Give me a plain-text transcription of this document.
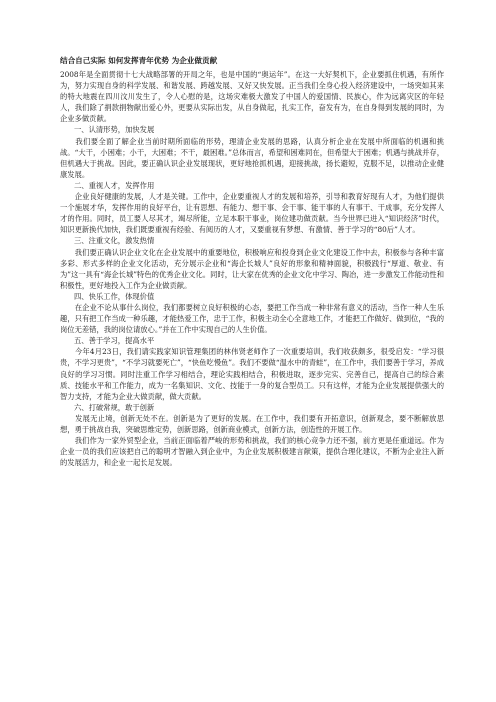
结合自己实际 如何发挥青年优势 为企业做贡献

2008年是全面贯彻十七大战略部署的开局之年，也是中国的“奥运年”。在这一大好契机下，企业要抓住机遇，有所作为，努力实现自身的科学发展、和谐发展、跨越发展、又好又快发展。正当我们全身心投入经济建设中，一场突如其来的特大地震在四川汶川发生了，令人心慰的是，这场灾难极大激发了中国人的爱国情、民族心，作为远离灾区的年轻人，我们除了捐款捐物献出爱心外，更要从实际出发，从自身做起，扎实工作，奋发有为，在自身得到发展的同时，为企业多做贡献。

一、认清形势，加快发展

　　我们要全面了解企业当前时期所面临的形势，理清企业发展的思路，认真分析企业在发展中所面临的机遇和挑战。“大干，小困难；小干，大困难；不干，最困难。”总体而言，希望和困难同在，但希望大于困难；机遇与挑战并存，但机遇大于挑战。因此，要正确认识企业发展现状，更好地抢抓机遇，迎接挑战，扬长避短，克服不足，以推动企业健康发展。

二、重视人才，发挥作用

　　企业良好健康的发展，人才是关键。工作中，企业要重视人才的发展和培养，引导和教育好现有人才，为他们提供一个施展才华，发挥作用的良好平台，让有思想、有能力、想干事、会干事、能干事的人有事干、干成事，充分发挥人才的作用。同时，员工要人尽其才，竭尽所能，立足本职干事业，岗位建功做贡献。当今世界已进入“知识经济”时代，知识更新换代加快，我们既要重视有经验、有阅历的人才，又要重视有梦想、有激情、善于学习的“80后”人才。

三、注重文化，激发热情

　　我们要正确认识企业文化在企业发展中的重要地位，积极响应和投身到企业文化建设工作中去，积极参与各种丰富多彩、形式多样的企业文化活动，充分展示企业和“海企长城人”良好的形象和精神面貌，积极践行“厚道、敬业、有为”这一具有“海企长城”特色的优秀企业文化。同时，让大家在优秀的企业文化中学习、陶冶，进一步激发工作能动性和积极性，更好地投入工作为企业做贡献。

四、快乐工作，体现价值

　　在企业不论从事什么岗位，我们都要树立良好积极的心态，要把工作当成一种非常有意义的活动，当作一种人生乐趣，只有把工作当成一种乐趣，才能热爱工作，忠于工作，积极主动全心全意地工作，才能把工作做好、做到位，“我的岗位无差错，我的岗位请放心。”并在工作中实现自己的人生价值。

五、善于学习，提高水平

　　今年4月23日，我们请实践家知识管理集团的林伟贤老师作了一次重要培训，我们收获颇多，很受启发：“学习很贵，不学习更贵”，“不学习就要死亡”，“快鱼吃慢鱼”。我们不要做“温水中的青蛙”，在工作中，我们要善于学习，养成良好的学习习惯。同时注重工作学习相结合，理论实践相结合，积极进取，逐步完实、完善自己，提高自己的综合素质、技能水平和工作能力，成为一名集知识、文化、技能于一身的复合型员工。只有这样，才能为企业发展提供强大的智力支持，才能为企业大做贡献，做大贡献。

六、打破常规，敢于创新

　　发展无止境，创新无处不在。创新是为了更好的发展。在工作中，我们要有开拓意识，创新观念，要不断解放思想，勇于挑战自我，突破思维定势，创新思路，创新商业模式，创新方法，创造性的开展工作。

　　我们作为一家外贸型企业，当前正面临着严峻的形势和挑战，我们的核心竞争力还不强，前方更是任重道远。作为企业一员的我们应该把自己的聪明才智融入到企业中，为企业发展积极建言献策，提供合理化建议，不断为企业注入新的发展活力，和企业一起长足发展。
